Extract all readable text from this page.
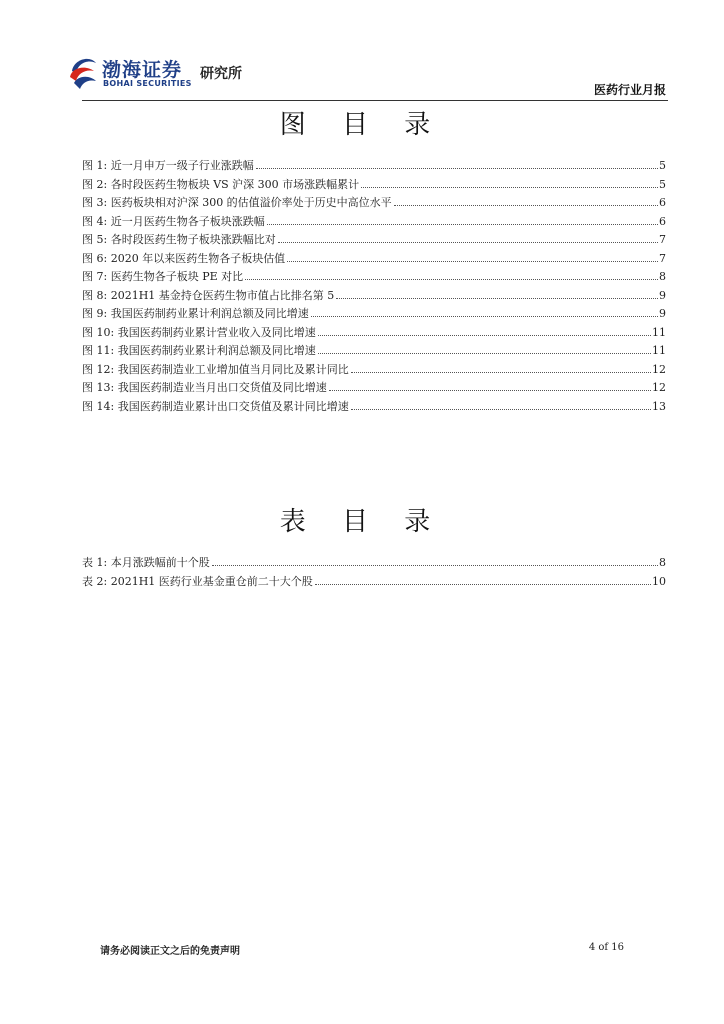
渤海证券
BOHAI SECURITIES
研究所
医药行业月报
图 目 录
图 1: 近一月申万一级子行业涨跌幅	5
图 2: 各时段医药生物板块 VS 沪深 300 市场涨跌幅累计	5
图 3: 医药板块相对沪深 300 的估值溢价率处于历史中高位水平	6
图 4: 近一月医药生物各子板块涨跌幅	6
图 5: 各时段医药生物子板块涨跌幅比对	7
图 6: 2020 年以来医药生物各子板块估值	7
图 7: 医药生物各子板块 PE 对比	8
图 8: 2021H1 基金持仓医药生物市值占比排名第 5	9
图 9: 我国医药制药业累计利润总额及同比增速	9
图 10: 我国医药制药业累计营业收入及同比增速	11
图 11: 我国医药制药业累计利润总额及同比增速	11
图 12: 我国医药制造业工业增加值当月同比及累计同比	12
图 13: 我国医药制造业当月出口交货值及同比增速	12
图 14: 我国医药制造业累计出口交货值及累计同比增速	13
表 目 录
表 1: 本月涨跌幅前十个股	8
表 2: 2021H1 医药行业基金重仓前二十大个股	10
请务必阅读正文之后的免责声明	4 of 16
